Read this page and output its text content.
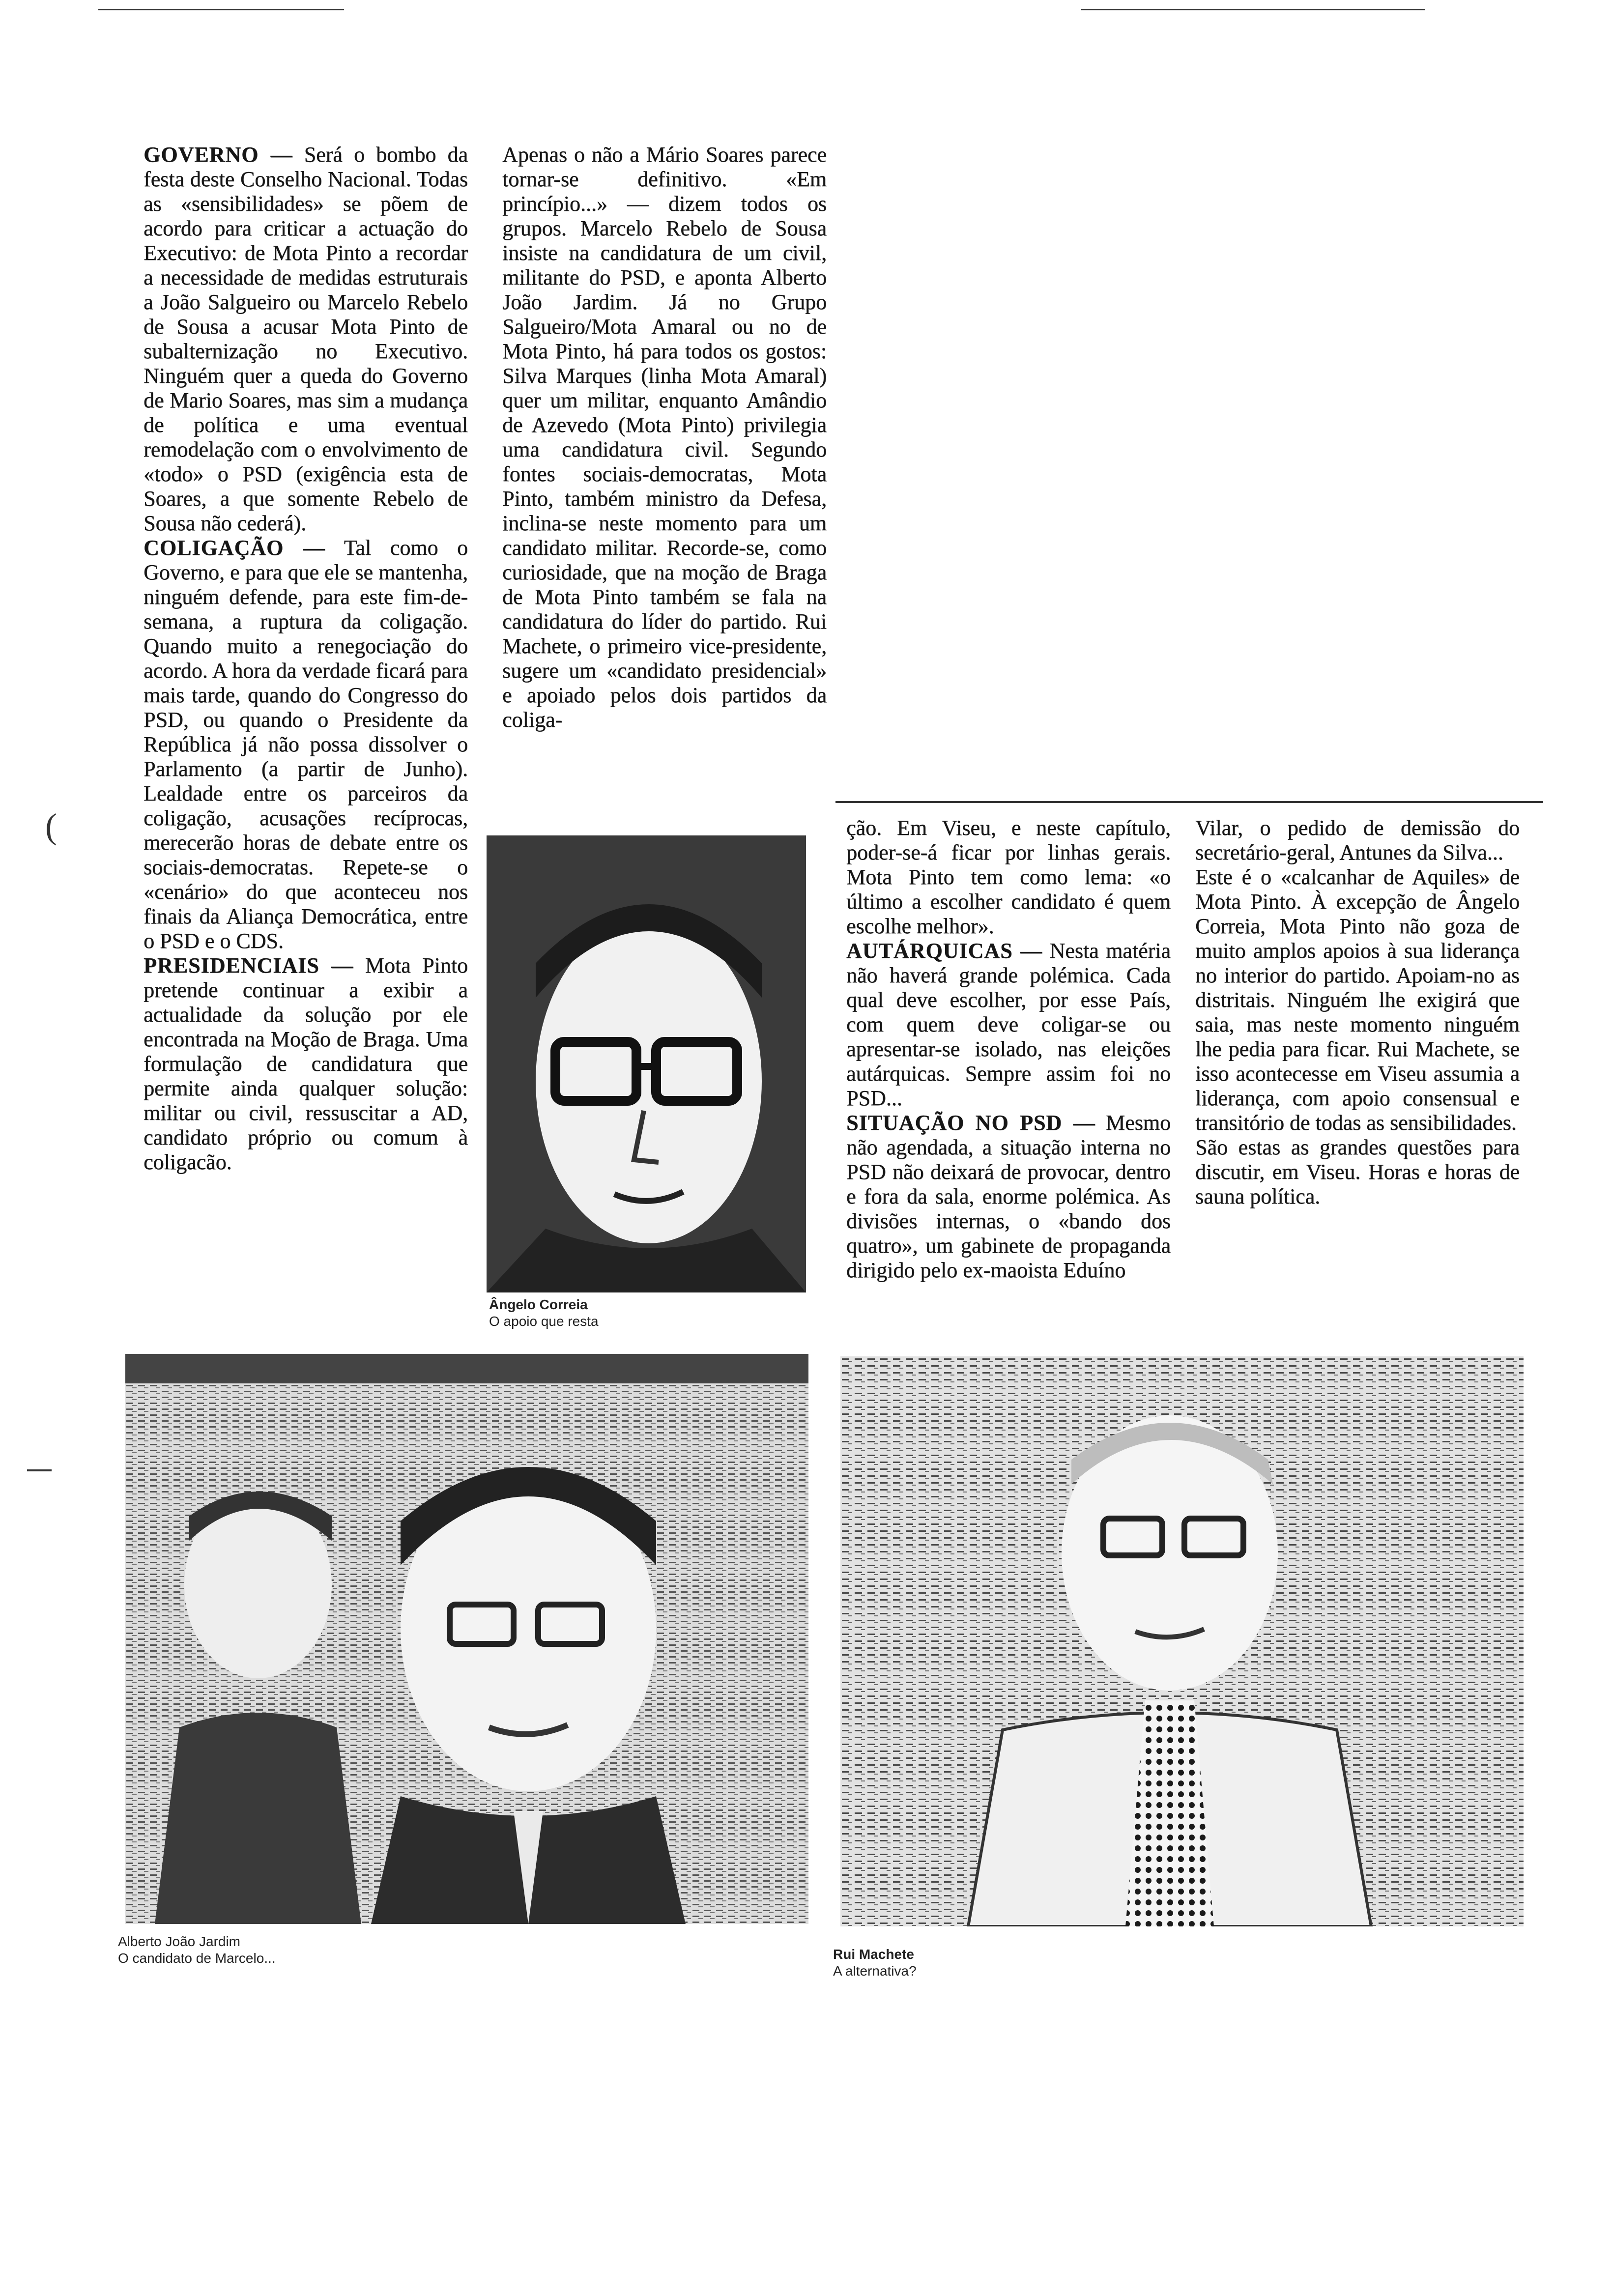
(

GOVERNO — Será o bombo da festa deste Conselho Nacional. Todas as «sensibilidades» se põem de acordo para criticar a actuação do Executivo: de Mota Pinto a recordar a necessidade de medidas estruturais a João Salgueiro ou Marcelo Rebelo de Sousa a acusar Mota Pinto de subalternização no Executivo. Ninguém quer a queda do Governo de Mario Soares, mas sim a mudança de política e uma eventual remodelação com o envolvimento de «todo» o PSD (exigência esta de Soares, a que somente Rebelo de Sousa não cederá).

COLIGAÇÃO — Tal como o Governo, e para que ele se mantenha, ninguém defende, para este fim-de-semana, a ruptura da coligação. Quando muito a renegociação do acordo. A hora da verdade ficará para mais tarde, quando do Congresso do PSD, ou quando o Presidente da República já não possa dissolver o Parlamento (a partir de Junho). Lealdade entre os parceiros da coligação, acusações recíprocas, merecerão horas de debate entre os sociais-democratas. Repete-se o «cenário» do que aconteceu nos finais da Aliança Democrática, entre o PSD e o CDS.

PRESIDENCIAIS — Mota Pinto pretende continuar a exibir a actualidade da solução por ele encontrada na Moção de Braga. Uma formulação de candidatura que permite ainda qualquer solução: militar ou civil, ressuscitar a AD, candidato próprio ou comum à coligacão.

Apenas o não a Mário Soares parece tornar-se definitivo. «Em princípio...» — dizem todos os grupos. Marcelo Rebelo de Sousa insiste na candidatura de um civil, militante do PSD, e aponta Alberto João Jardim. Já no Grupo Salgueiro/Mota Amaral ou no de Mota Pinto, há para todos os gostos: Silva Marques (linha Mota Amaral) quer um militar, enquanto Amândio de Azevedo (Mota Pinto) privilegia uma candidatura civil. Segundo fontes sociais-democratas, Mota Pinto, também ministro da Defesa, inclina-se neste momento para um candidato militar. Recorde-se, como curiosidade, que na moção de Braga de Mota Pinto também se fala na candidatura do líder do partido. Rui Machete, o primeiro vice-presidente, sugere um «candidato presidencial» e apoiado pelos dois partidos da coliga-

Ângelo Correia
O apoio que resta

ção. Em Viseu, e neste capítulo, poder-se-á ficar por linhas gerais. Mota Pinto tem como lema: «o último a escolher candidato é quem escolhe melhor».

AUTÁRQUICAS — Nesta matéria não haverá grande polémica. Cada qual deve escolher, por esse País, com quem deve coligar-se ou apresentar-se isolado, nas eleições autárquicas. Sempre assim foi no PSD...

SITUAÇÃO NO PSD — Mesmo não agendada, a situação interna no PSD não deixará de provocar, dentro e fora da sala, enorme polémica. As divisões internas, o «bando dos quatro», um gabinete de propaganda dirigido pelo ex-maoista Eduíno

Vilar, o pedido de demissão do secretário-geral, Antunes da Silva...

Este é o «calcanhar de Aquiles» de Mota Pinto. À excepção de Ângelo Correia, Mota Pinto não goza de muito amplos apoios à sua liderança no interior do partido. Apoiam-no as distritais. Ninguém lhe exigirá que saia, mas neste momento ninguém lhe pedia para ficar. Rui Machete, se isso acontecesse em Viseu assumia a liderança, com apoio consensual e transitório de todas as sensibilidades.

São estas as grandes questões para discutir, em Viseu. Horas e horas de sauna política.

Alberto João Jardim
O candidato de Marcelo...	Rui Machete
A alternativa?
